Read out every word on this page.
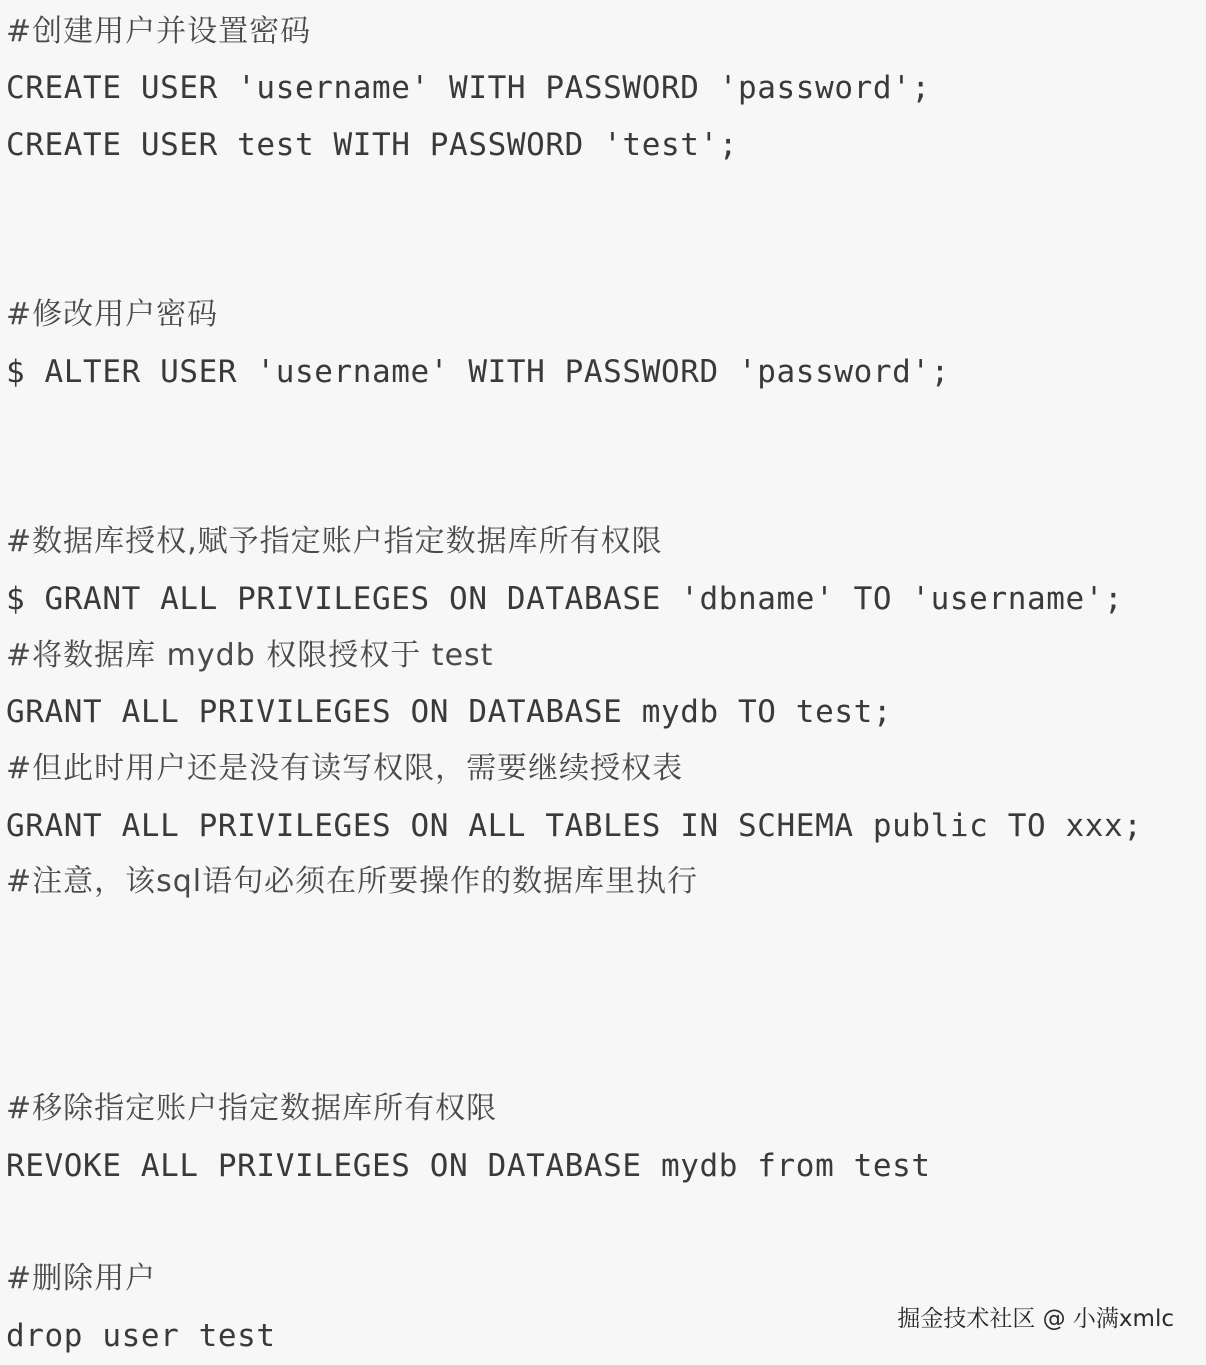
#创建用户并设置密码
CREATE USER 'username' WITH PASSWORD 'password';
CREATE USER test WITH PASSWORD 'test';
#修改用户密码
$ ALTER USER 'username' WITH PASSWORD 'password';
#数据库授权,赋予指定账户指定数据库所有权限
$ GRANT ALL PRIVILEGES ON DATABASE 'dbname' TO 'username';
#将数据库 mydb 权限授权于 test
GRANT ALL PRIVILEGES ON DATABASE mydb TO test;
#但此时用户还是没有读写权限，需要继续授权表
GRANT ALL PRIVILEGES ON ALL TABLES IN SCHEMA public TO xxx;
#注意，该sql语句必须在所要操作的数据库里执行
#移除指定账户指定数据库所有权限
REVOKE ALL PRIVILEGES ON DATABASE mydb from test
#删除用户
drop user test	掘金技术社区 @ 小满xmlc
